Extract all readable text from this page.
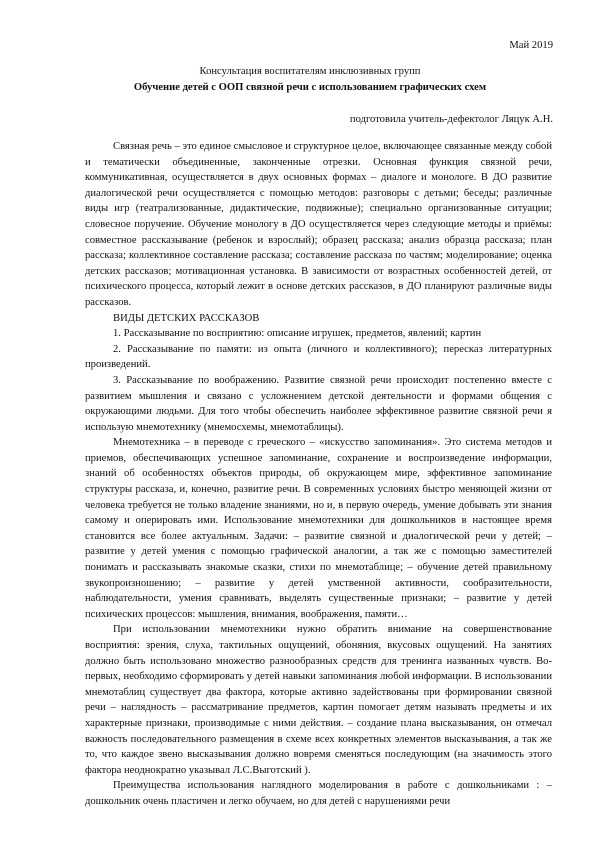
Май 2019
Консультация воспитателям инклюзивных групп
Обучение детей с ООП связной речи с использованием графических схем
подготовила учитель-дефектолог Ляцук А.Н.

Связная речь – это единое смысловое и структурное целое, включающее связанные между собой и тематически объединенные, законченные отрезки. Основная функция связной речи, коммуникативная, осуществляется в двух основных формах – диалоге и монологе. В ДО развитие диалогической речи осуществляется с помощью методов: разговоры с детьми; беседы; различные виды игр (театрализованные, дидактические, подвижные); специально организованные ситуации; словесное поручение. Обучение монологу в ДО осуществляется через следующие методы и приёмы: совместное рассказывание (ребенок и взрослый); образец рассказа; анализ образца рассказа; план рассказа; коллективное составление рассказа; составление рассказа по частям; моделирование; оценка детских рассказов; мотивационная установка. В зависимости от возрастных особенностей детей, от психического процесса, который лежит в основе детских рассказов, в ДО планируют различные виды рассказов.

ВИДЫ ДЕТСКИХ РАССКАЗОВ

1. Рассказывание по восприятию: описание игрушек, предметов, явлений; картин

2. Рассказывание по памяти: из опыта (личного и коллективного); пересказ литературных произведений.

3. Рассказывание по воображению. Развитие связной речи происходит постепенно вместе с развитием мышления и связано с усложнением детской деятельности и формами общения с окружающими людьми. Для того чтобы обеспечить наиболее эффективное развитие связной речи я использую мнемотехнику (мнемосхемы, мнемотаблицы).

Мнемотехника – в переводе с греческого – «искусство запоминания». Это система методов и приемов, обеспечивающих успешное запоминание, сохранение и воспроизведение информации, знаний об особенностях объектов природы, об окружающем мире, эффективное запоминание структуры рассказа, и, конечно, развитие речи. В современных условиях быстро меняющей жизни от человека требуется не только владение знаниями, но и, в первую очередь, умение добывать эти знания самому и оперировать ими. Использование мнемотехники для дошкольников в настоящее время становится все более актуальным. Задачи: – развитие связной и диалогической речи у детей; – развитие у детей умения с помощью графической аналогии, а так же с помощью заместителей понимать и рассказывать знакомые сказки, стихи по мнемотаблице; – обучение детей правильному звукопроизношению; – развитие у детей умственной активности, сообразительности, наблюдательности, умения сравнивать, выделять существенные признаки; – развитие у детей психических процессов: мышления, внимания, воображения, памяти…

При использовании мнемотехники нужно обратить внимание на совершенствование восприятия: зрения, слуха, тактильных ощущений, обоняния, вкусовых ощущений. На занятиях должно быть использовано множество разнообразных средств для тренинга названных чувств. Во-первых, необходимо сформировать у детей навыки запоминания любой информации. В использовании мнемотаблиц существует два фактора, которые активно задействованы при формировании связной речи – наглядность – рассматривание предметов, картин помогает детям называть предметы и их характерные признаки, производимые с ними действия. – создание плана высказывания, он отмечал важность последовательного размещения в схеме всех конкретных элементов высказывания, а так же то, что каждое звено высказывания должно вовремя сменяться последующим (на значимость этого фактора неоднократно указывал Л.С.Выготский ).

Преимущества использования наглядного моделирования в работе с дошкольниками : – дошкольник очень пластичен и легко обучаем, но для детей с нарушениями речи
